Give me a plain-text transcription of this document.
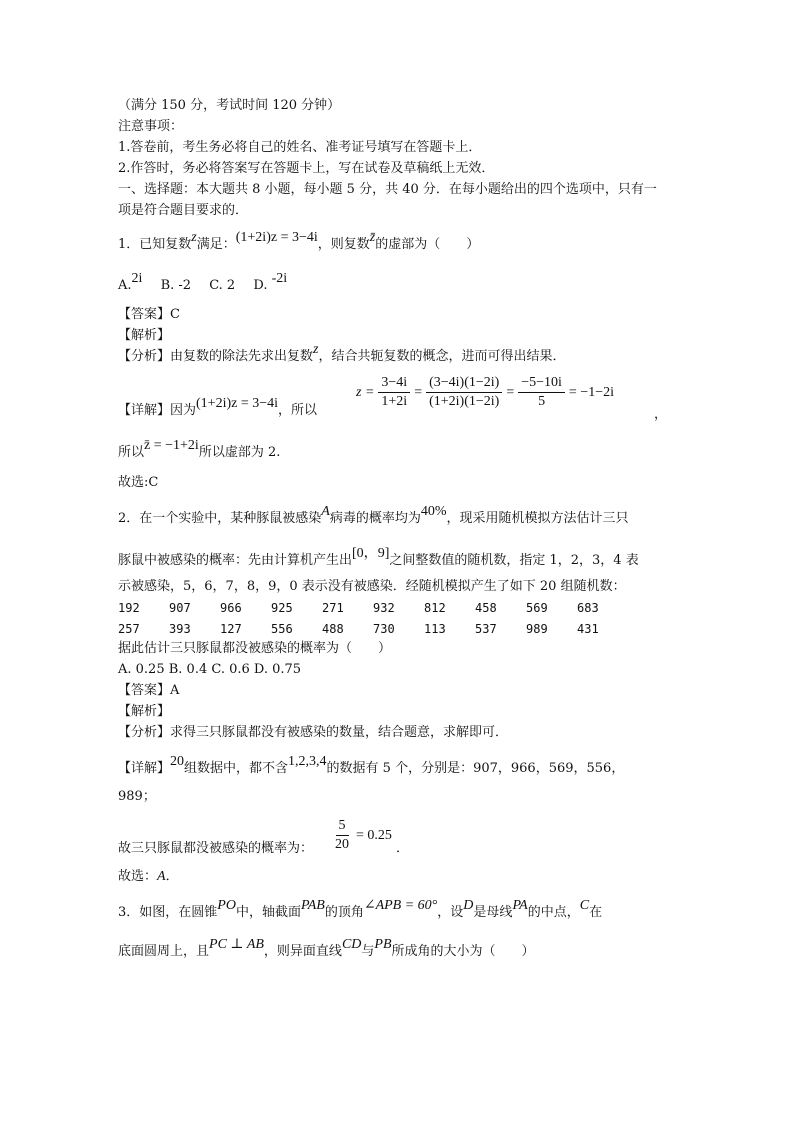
（满分 150 分，考试时间 120 分钟）
注意事项：
1.答卷前，考生务必将自己的姓名、准考证号填写在答题卡上．
2.作答时，务必将答案写在答题卡上，写在试卷及草稿纸上无效．
一、选择题：本大题共 8 小题，每小题 5 分，共 40 分．在每小题给出的四个选项中，只有一
项是符合题目要求的．
1．已知复数z满足：(1+2i)z = 3−4i，则复数z̄的虚部为（　　）
A.2i B. -2 C. 2 D. -2i
【答案】C
【解析】
【分析】由复数的除法先求出复数z，结合共轭复数的概念，进而可得出结果．
【详解】因为(1+2i)z = 3−4i，所以
$z = \frac{3-4i}{1+2i} = \frac{(3-4i)(1-2i)}{(1+2i)(1-2i)} = \frac{-5-10i}{5} = -1-2i$
，
所以z̄ = −1+2i所以虚部为 2.
故选:C
2．在一个实验中，某种豚鼠被感染A病毒的概率均为40%，现采用随机模拟方法估计三只
豚鼠中被感染的概率：先由计算机产生出[0，9]之间整数值的随机数，指定 1，2，3，4 表
示被感染，5，6，7，8，9，0 表示没有被感染．经随机模拟产生了如下 20 组随机数：
192	907	966	925	271	932	812	458	569	683
257	393	127	556	488	730	113	537	989	431
据此估计三只豚鼠都没被感染的概率为（　　）
A. 0.25 B. 0.4 C. 0.6 D. 0.75
【答案】A
【解析】
【分析】求得三只豚鼠都没有被感染的数量，结合题意，求解即可．
【详解】20组数据中，都不含1,2,3,4的数据有 5 个，分别是：907，966，569，556，
989；
故三只豚鼠都没被感染的概率为： $\frac{5}{20} = 0.25$
．
故选：A．
3．如图，在圆锥PO中，轴截面PAB的顶角∠APB = 60°，设D是母线PA的中点，C在
底面圆周上，且PC ⊥ AB，则异面直线CD与PB所成角的大小为（　　）
